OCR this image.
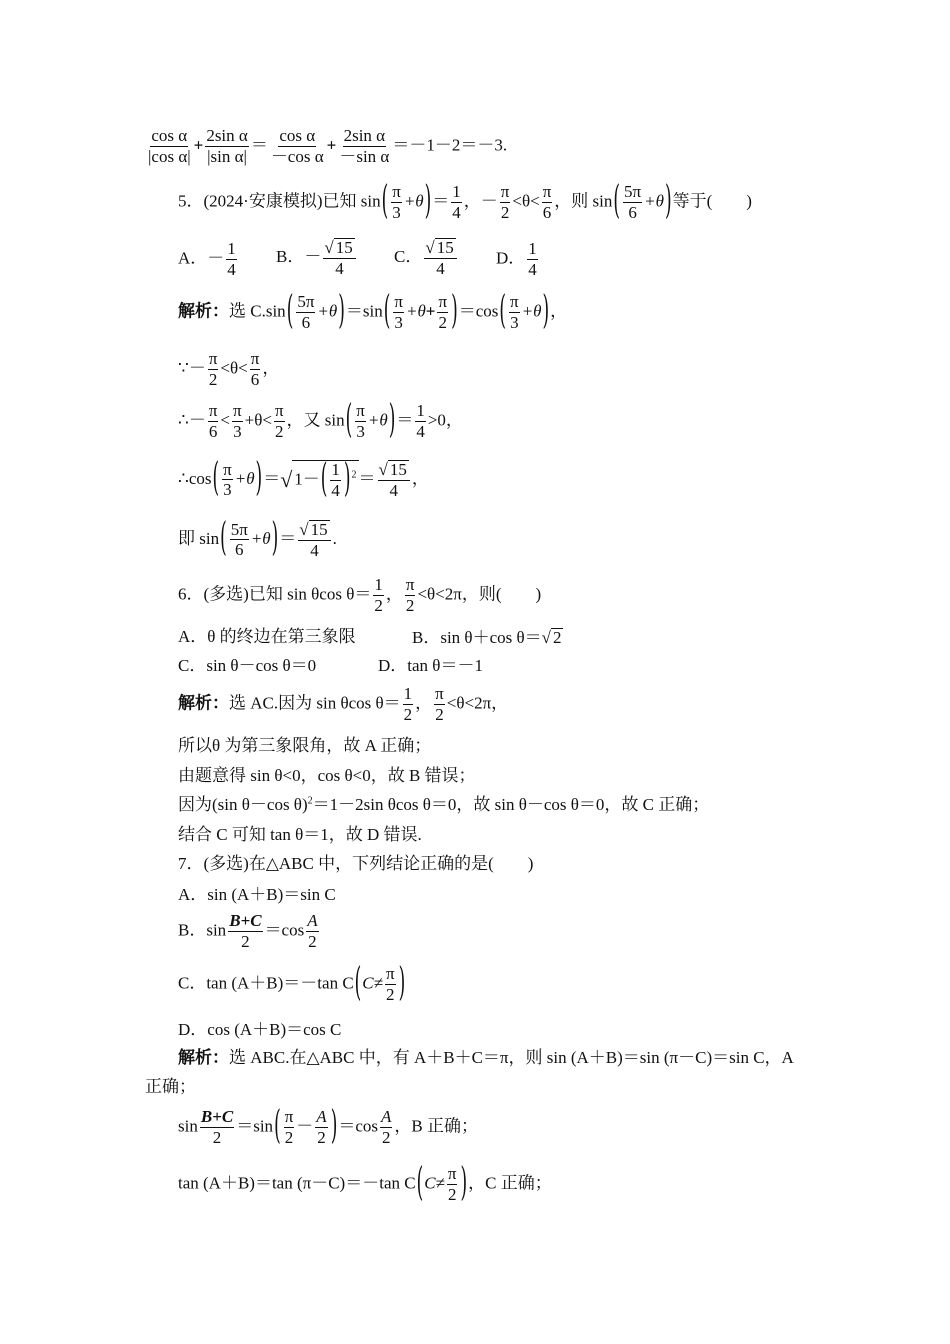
$\frac{\text{cos α}}{\text{|cos α|}} + \frac{\text{2sin α}}{\text{|sin α|}} = \frac{\text{cos α}}{\text{－cos α}} + \frac{\text{2sin α}}{\text{－sin α}} =-1-2=-3$.
5．(2024·安康模拟)已知 $\sin( \frac{\pi}{3} +\theta)= \frac{1}{4}$ ，－ $\frac{\pi}{2} <\theta< \frac{\pi}{6}$ ，则 $\sin( \frac{5\pi}{6} +\theta)$等于(　　)
A．－ $\frac{1}{4}$ B．－ $\frac{√ 15}{4}$ C． $\frac{√ 15}{4}$ D． $\frac{1}{4}$
解析：选 $C.\sin( \frac{5\pi}{6} +\theta)=\sin( \frac{\pi}{3} +\theta+ \frac{\pi}{2} )=\cos( \frac{\pi}{3} +\theta)$，
∵－ $\frac{\pi}{2} <\theta< \frac{\pi}{6}$ ，
∴－ $\frac{\pi}{6} < \frac{\pi}{3} +\theta< \frac{\pi}{2}$ ，又 $\sin( \frac{\pi}{3} +\theta)= \frac{1}{4} >0$，
∴cos( $\frac{\pi}{3} +\theta)=√$ $1-( \frac{1}{4} )^2 = \frac{√ 15}{4}$ ，
即 $\sin( \frac{5\pi}{6} +\theta)= \frac{√ 15}{4}$ .
6．(多选)已知 sin θcos $\theta= \frac{1}{2}$ ， $\frac{\pi}{2} <\theta<2\pi$，则(　　)
A．θ 的终边在第三象限	B．sin θ＋cos θ＝√ 2
C．sin θ－cos θ＝0	D．tan θ＝－1
解析：选 AC.因为 sin θcos $\theta= \frac{1}{2}$ ， $\frac{\pi}{2} <\theta<2\pi$，
所以θ 为第三象限角，故 A 正确；
由题意得 sin θ<0，cos θ<0，故 B 错误；
因为(sin θ－cos θ)$^2$＝1－2sin θcos θ＝0，故 sin θ－cos θ＝0，故 C 正确；
结合 C 可知 tan θ＝1，故 D 错误.
7．(多选)在△ABC 中，下列结论正确的是(　　)
A．sin (A＋B)＝sin C
B．$\sin \frac{B+C}{2} =\cos \frac{A}{2}$
C．tan (A＋B)＝－tan $C(C\ne \frac{\pi}{2}$ )
D．cos (A＋B)＝cos C
解析：选 ABC.在△ABC 中，有 A＋B＋C＝π，则 sin (A＋B)＝sin (π－C)＝sin C，A
正确；
$\sin \frac{B+C}{2} =\sin( \frac{\pi}{2} - \frac{A}{2} )=\cos \frac{A}{2}$ ，B 正确；
tan (A＋B)＝tan (π－C)＝－tan $C(C\ne \frac{\pi}{2}$ )，C 正确；
